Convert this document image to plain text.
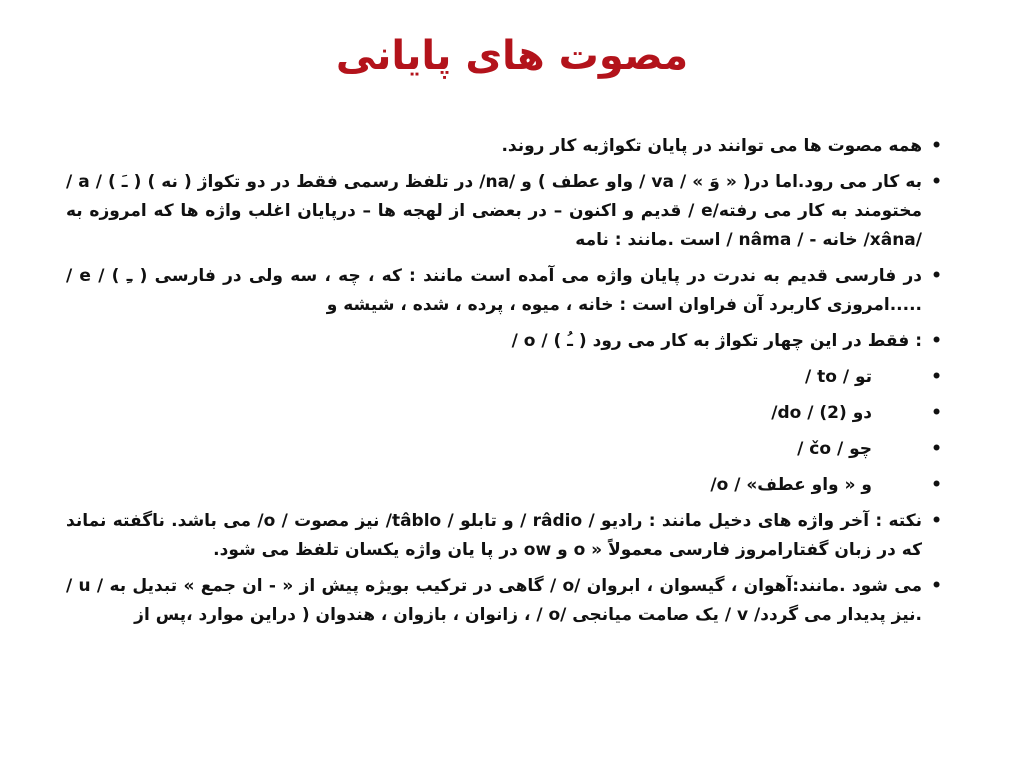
مصوت های پایانی
•
همه مصوت ها می توانند در پایان تکواژبه کار روند.
•
/ a / ( ـَ ) در تلفظ رسمی فقط در دو تکواژ ( نه ) /na/ و ( واو عطف / va / « وَ » )به کار می رود.اما در قدیم و اکنون – در بعضی از لهجه ها – درپایان اغلب واژه ها که امروزه به / e/مختومند به کار می رفته است .مانند : نامه / nâma / - خانه /xâna/
•
/ e / ( ـِ ) در فارسی قدیم به ندرت در پایان واژه می آمده است مانند : که ، چه ، سه ولی در فارسی امروزی کاربرد آن فراوان است : خانه ، میوه ، پرده ، شده ، شیشه و.....
•
/ o / ( ـُ ) فقط در این چهار تکواژ به کار می رود :
•
تو / to /
•
دو (2) / do/
•
چو / čo /
•
و « واو عطف» / o/
•
نکته : آخر واژه های دخیل مانند : رادیو / râdio / و تابلو / tâblo/ نیز مصوت / o/ می باشد. ناگفته نماند که در زبان گفتارامروز فارسی معمولاً « o و ow در پا یان واژه یکسان تلفظ می شود.
•
/ u / گاهی در ترکیب بویژه پیش از « - ان جمع » تبدیل به / o/ می شود .مانند:آهوان ، گیسوان ، ابروان ، زانوان ، بازوان ، هندوان ( دراین موارد ،پس از / o/ یک صامت میانجی / v /نیز پدیدار می گردد.
